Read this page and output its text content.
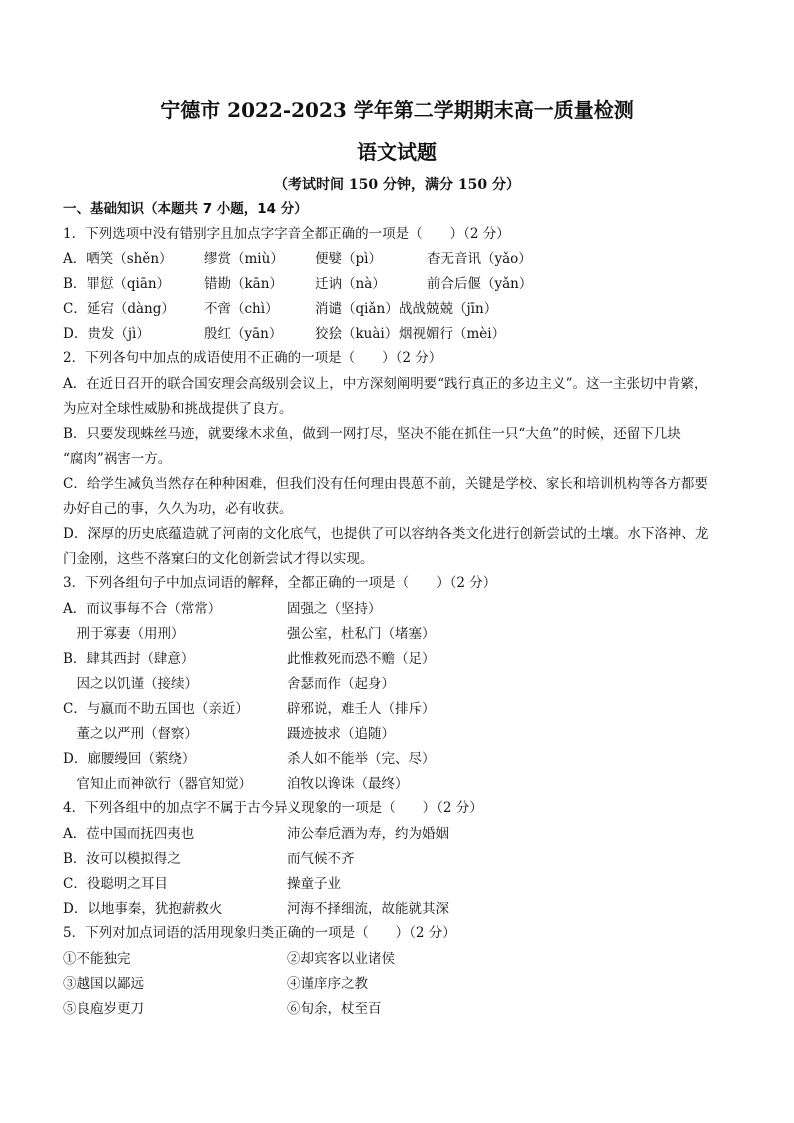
宁德市 2022-2023 学年第二学期期末高一质量检测
语文试题
（考试时间 150 分钟，满分 150 分）
一、基础知识（本题共 7 小题，14 分）
1．下列选项中没有错别字且加点字字音全都正确的一项是（　　）（2 分）
A．哂笑（shěn） 缪赏（miù） 便嬖（pì）	杳无音讯（yǎo）
B．罪愆（qiān）	错勘（kān） 迁讷（nà）	前合后偃（yǎn）
C．延宕（dàng） 不啻（chì）	消谴（qiǎn） 战战兢兢（jīn）
D．贵发（jì）	殷红（yān） 狡狯（kuài） 烟视媚行（mèi）
2．下列各句中加点的成语使用不正确的一项是（　　）（2 分）
A．在近日召开的联合国安理会高级别会议上，中方深刻阐明要“践行真正的多边主义”。这一主张切中肯綮，
为应对全球性威胁和挑战提供了良方。
B．只要发现蛛丝马迹，就要缘木求鱼，做到一网打尽，坚决不能在抓住一只“大鱼”的时候，还留下几块
“腐肉”祸害一方。
C．给学生减负当然存在种种困难，但我们没有任何理由畏葸不前，关键是学校、家长和培训机构等各方都要
办好自己的事，久久为功，必有收获。
D．深厚的历史底蕴造就了河南的文化底气，也提供了可以容纳各类文化进行创新尝试的土壤。水下洛神、龙
门金刚，这些不落窠臼的文化创新尝试才得以实现。
3．下列各组句子中加点词语的解释，全都正确的一项是（　　）（2 分）
A．而议事每不合（常常）	固强之（坚持）
　刑于寡妻（用刑）	强公室，杜私门（堵塞）
B．肆其西封（肆意）	此惟救死而恐不赡（足）
　因之以饥谨（接续）	舍瑟而作（起身）
C．与嬴而不助五国也（亲近）	辟邪说，难壬人（排斥）
　董之以严刑（督察）	蹑迹披求（追随）
D．廊腰缦回（萦绕）	杀人如不能举（完、尽）
　官知止而神欲行（器官知觉）	洎牧以谗诛（最终）
4．下列各组中的加点字不属于古今异义现象的一项是（　　）（2 分）
A．莅中国而抚四夷也	沛公奉卮酒为寿，约为婚姻
B．汝可以模拟得之	而气候不齐
C．役聪明之耳目	操童子业
D．以地事秦，犹抱薪救火	河海不择细流，故能就其深
5．下列对加点词语的活用现象归类正确的一项是（　　）（2 分）
①不能独完	②却宾客以业诸侯
③越国以鄙远	④谨庠序之教
⑤良庖岁更刀	⑥旬余，杖至百
